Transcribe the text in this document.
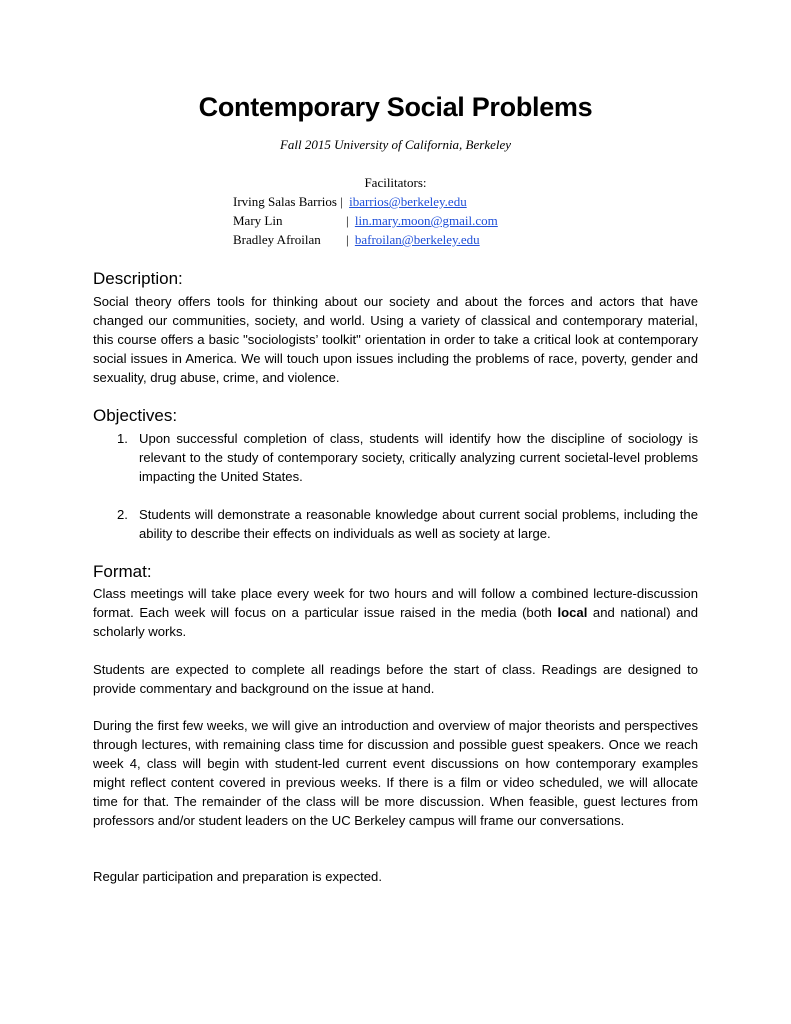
Contemporary Social Problems
Fall 2015 University of California, Berkeley
Facilitators:
Irving Salas Barrios | ibarrios@berkeley.edu
Mary Lin	| lin.mary.moon@gmail.com
Bradley Afroilan | bafroilan@berkeley.edu
Description:
Social theory offers tools for thinking about our society and about the forces and actors that have changed our communities, society, and world. Using a variety of classical and contemporary material, this course offers a basic "sociologists’ toolkit" orientation in order to take a critical look at contemporary social issues in America. We will touch upon issues including the problems of race, poverty, gender and sexuality, drug abuse, crime, and violence.
Objectives:
1. Upon successful completion of class, students will identify how the discipline of sociology is relevant to the study of contemporary society, critically analyzing current societal-level problems impacting the United States.
2. Students will demonstrate a reasonable knowledge about current social problems, including the ability to describe their effects on individuals as well as society at large.
Format:
Class meetings will take place every week for two hours and will follow a combined lecture-discussion format. Each week will focus on a particular issue raised in the media (both local and national) and scholarly works.
Students are expected to complete all readings before the start of class. Readings are designed to provide commentary and background on the issue at hand.
During the first few weeks, we will give an introduction and overview of major theorists and perspectives through lectures, with remaining class time for discussion and possible guest speakers. Once we reach week 4, class will begin with student-led current event discussions on how contemporary examples might reflect content covered in previous weeks. If there is a film or video scheduled, we will allocate time for that. The remainder of the class will be more discussion. When feasible, guest lectures from professors and/or student leaders on the UC Berkeley campus will frame our conversations.
Regular participation and preparation is expected.
